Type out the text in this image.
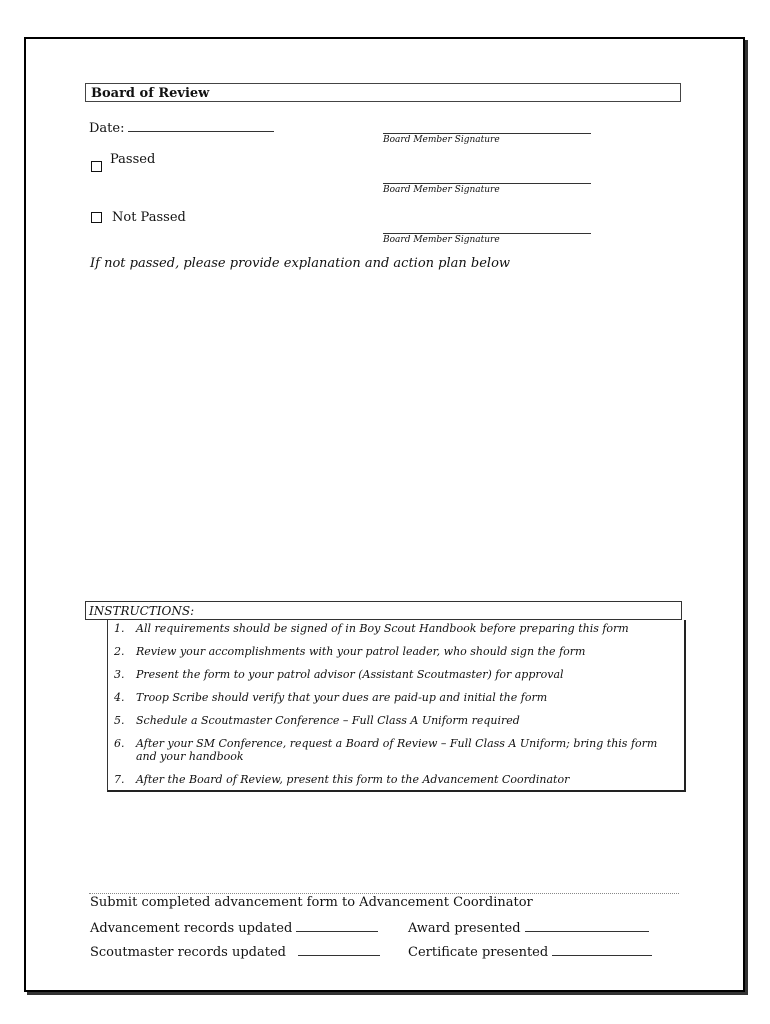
Board of Review
Date:
Board Member Signature
Board Member Signature
Board Member Signature
Passed
Not Passed
If not passed, please provide explanation and action plan below
INSTRUCTIONS:
1.	All requirements should be signed of in Boy Scout Handbook before preparing this form
2.	Review your accomplishments with your patrol leader, who should sign the form
3.	Present the form to your patrol advisor (Assistant Scoutmaster) for approval
4.	Troop Scribe should verify that your dues are paid-up and initial the form
5.	Schedule a Scoutmaster Conference – Full Class A Uniform required
6.	After your SM Conference, request a Board of Review – Full Class A Uniform; bring this form and your handbook
7.	After the Board of Review, present this form to the Advancement Coordinator
Submit completed advancement form to Advancement Coordinator
Advancement records updated	Award presented
Scoutmaster records updated	Certificate presented
